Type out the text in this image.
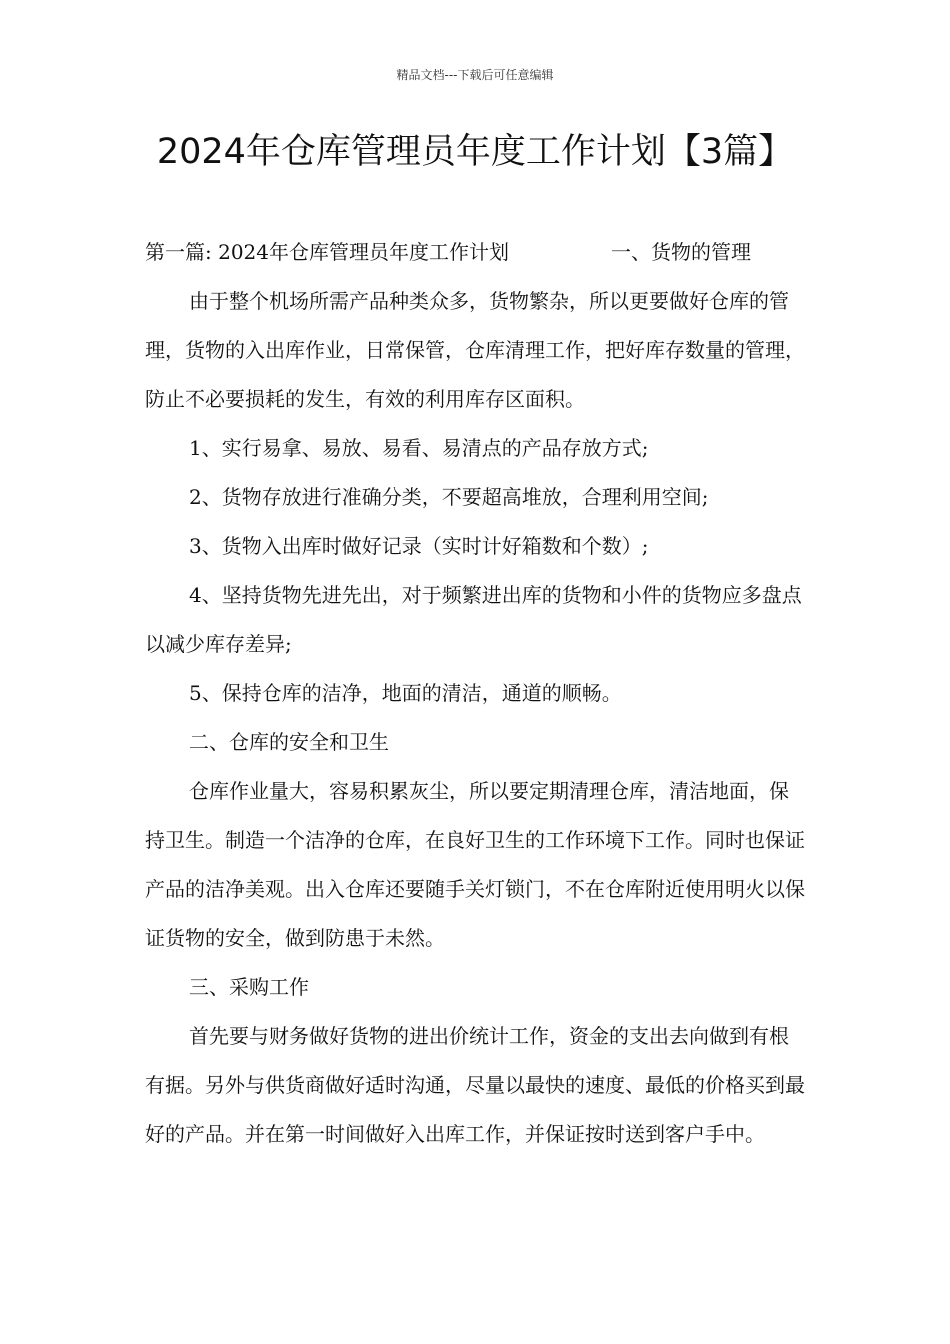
精品文档---下载后可任意编辑
2024年仓库管理员年度工作计划【3篇】
第一篇: 2024年仓库管理员年度工作计划	一、货物的管理

由于整个机场所需产品种类众多，货物繁杂，所以更要做好仓库的管理，货物的入出库作业，日常保管，仓库清理工作，把好库存数量的管理，防止不必要损耗的发生，有效的利用库存区面积。

1、实行易拿、易放、易看、易清点的产品存放方式;

2、货物存放进行准确分类，不要超高堆放，合理利用空间;

3、货物入出库时做好记录（实时计好箱数和个数）;

4、坚持货物先进先出，对于频繁进出库的货物和小件的货物应多盘点以减少库存差异;

5、保持仓库的洁净，地面的清洁，通道的顺畅。

二、仓库的安全和卫生

仓库作业量大，容易积累灰尘，所以要定期清理仓库，清洁地面，保持卫生。制造一个洁净的仓库，在良好卫生的工作环境下工作。同时也保证产品的洁净美观。出入仓库还要随手关灯锁门，不在仓库附近使用明火以保证货物的安全，做到防患于未然。

三、采购工作

首先要与财务做好货物的进出价统计工作，资金的支出去向做到有根有据。另外与供货商做好适时沟通，尽量以最快的速度、最低的价格买到最好的产品。并在第一时间做好入出库工作，并保证按时送到客户手中。
